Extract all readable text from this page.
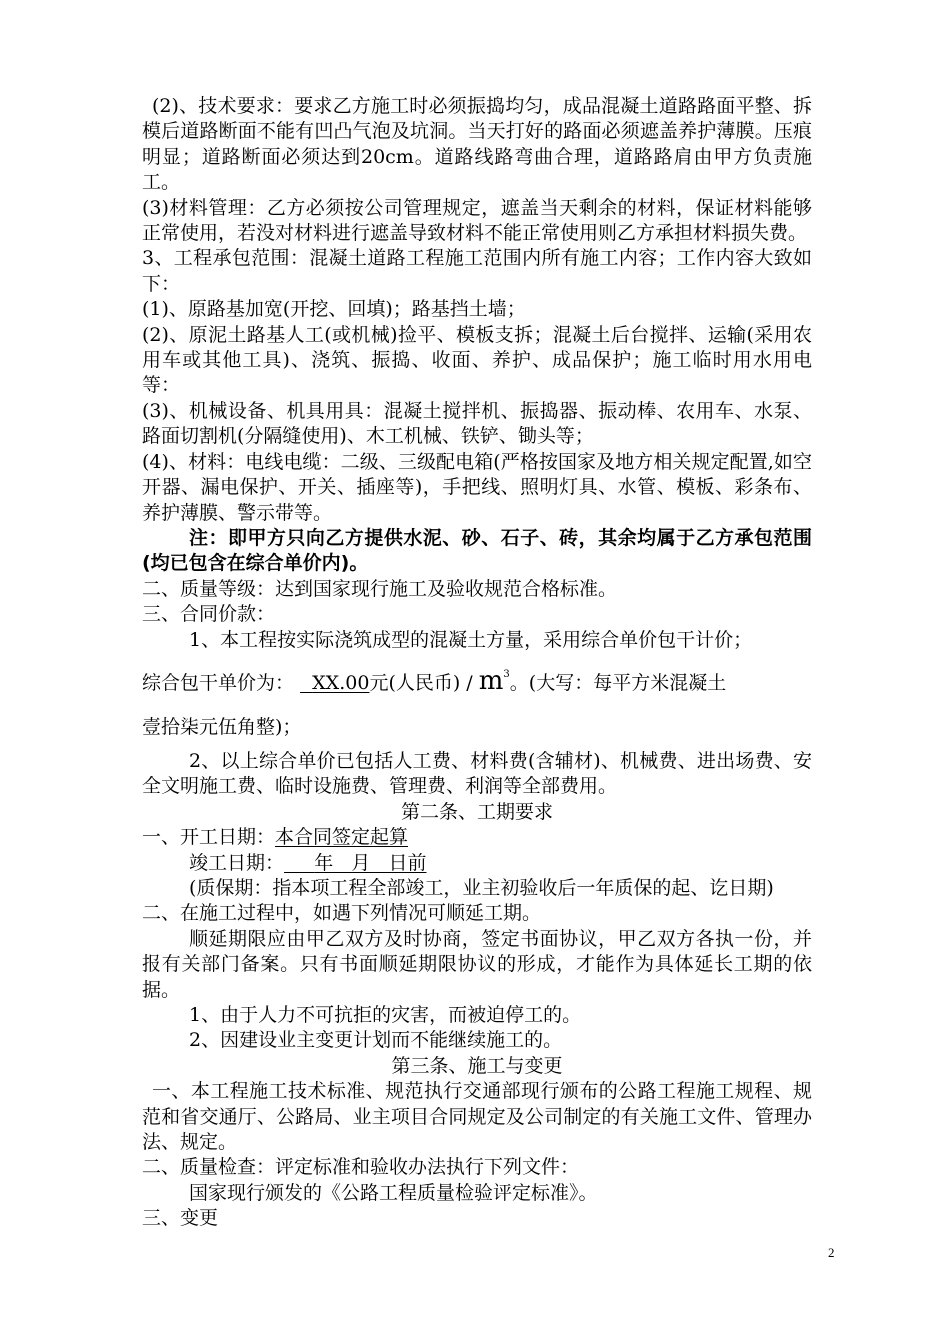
(2)、技术要求：要求乙方施工时必须振捣均匀，成品混凝土道路路面平整、拆模后道路断面不能有凹凸气泡及坑洞。当天打好的路面必须遮盖养护薄膜。压痕明显；道路断面必须达到20cm。道路线路弯曲合理，道路路肩由甲方负责施工。

(3)材料管理：乙方必须按公司管理规定，遮盖当天剩余的材料，保证材料能够正常使用，若没对材料进行遮盖导致材料不能正常使用则乙方承担材料损失费。

3、工程承包范围：混凝土道路工程施工范围内所有施工内容；工作内容大致如下：

(1)、原路基加宽(开挖、回填)；路基挡土墙；

(2)、原泥土路基人工(或机械)捡平、模板支拆；混凝土后台搅拌、运输(采用农用车或其他工具)、浇筑、振捣、收面、养护、成品保护；施工临时用水用电等：

(3)、机械设备、机具用具：混凝土搅拌机、振捣器、振动棒、农用车、水泵、路面切割机(分隔缝使用)、木工机械、铁铲、锄头等；

(4)、材料：电线电缆：二级、三级配电箱(严格按国家及地方相关规定配置,如空开器、漏电保护、开关、插座等)，手把线、照明灯具、水管、模板、彩条布、养护薄膜、警示带等。

注：即甲方只向乙方提供水泥、砂、石子、砖，其余均属于乙方承包范围(均已包含在综合单价内)。

二、质量等级：达到国家现行施工及验收规范合格标准。

三、合同价款：

1、本工程按实际浇筑成型的混凝土方量，采用综合单价包干计价；

综合包干单价为： XX.00元(人民币) / $m^3$。(大写：每平方米混凝土

壹拾柒元伍角整)；

2、以上综合单价已包括人工费、材料费(含辅材)、机械费、进出场费、安全文明施工费、临时设施费、管理费、利润等全部费用。

第二条、工期要求

一、开工日期：本合同签定起算

竣工日期： 年   月   日前

(质保期：指本项工程全部竣工，业主初验收后一年质保的起、讫日期)

二、在施工过程中，如遇下列情况可顺延工期。

顺延期限应由甲乙双方及时协商，签定书面协议，甲乙双方各执一份，并报有关部门备案。只有书面顺延期限协议的形成，才能作为具体延长工期的依据。

1、由于人力不可抗拒的灾害，而被迫停工的。

2、因建设业主变更计划而不能继续施工的。

第三条、施工与变更

一、本工程施工技术标准、规范执行交通部现行颁布的公路工程施工规程、规范和省交通厅、公路局、业主项目合同规定及公司制定的有关施工文件、管理办法、规定。

二、质量检查：评定标准和验收办法执行下列文件：

国家现行颁发的《公路工程质量检验评定标准》。

三、变更

2
